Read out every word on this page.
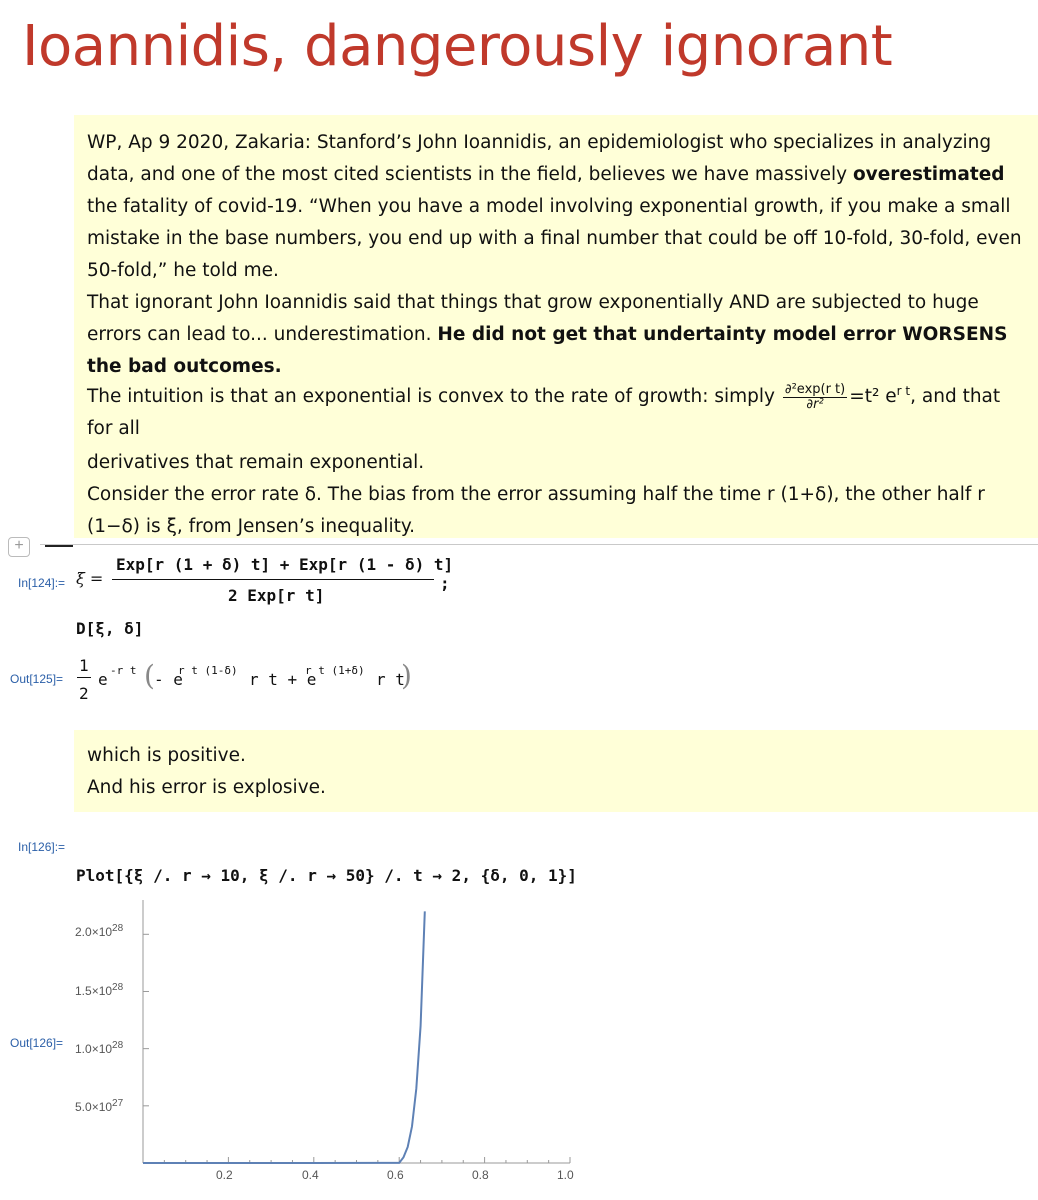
Ioannidis, dangerously ignorant
WP, Ap 9 2020, Zakaria: Stanford’s John Ioannidis, an epidemiologist who specializes in analyzing data, and one of the most cited scientists in the field, believes we have massively overestimated the fatality of covid-19. “When you have a model involving exponential growth, if you make a small mistake in the base numbers, you end up with a final number that could be off 10-fold, 30-fold, even 50-fold,” he told me.
That ignorant John Ioannidis said that things that grow exponentially AND are subjected to huge errors can lead to... underestimation. He did not get that undertainty model error WORSENS the bad outcomes.
The intuition is that an exponential is convex to the rate of growth: simply $\frac{\text{∂²exp(r t)}}{\text{∂r²}} =t^2$ $e^{r t}$, and that for all
derivatives that remain exponential.
Consider the error rate δ. The bias from the error assuming half the time r (1+δ), the other half r (1−δ) is ξ, from Jensen’s inequality.
+
In[124]:= ξ =
Exp[r (1 + δ) t] + Exp[r (1 - δ) t]
2 Exp[r t]
;
D[ξ, δ]
Out[125]=
1
2
e -r t ( - e
r t (1-δ) r t + e
r t (1+δ) r t
)
which is positive.
And his error is explosive.
In[126]:=
Plot[{ξ /. r → 10, ξ /. r → 50} /. t → 2, {δ, 0, 1}]
Out[126]=
$2.0\times 10^{28}$
$1.5\times 10^{28}$
$1.0\times 10^{28}$
$5.0\times 10^{27}$
0.2	0.4	0.6	0.8	1.0
